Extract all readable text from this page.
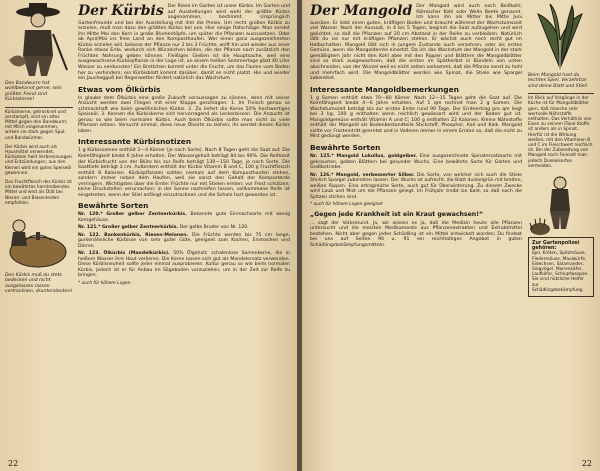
Den Bandwurm hat wohlbekannt gerne, sein größter Feind sind Kürbiskerne!

Kürbiskerne, getrocknet und zerstampft, sind ein altes Mittel gegen den Bandwurm; mit Milch eingenommen, wirken sie stark gegen Spul- und Bandwürmer.

Der Kürbis wird auch als Hausmittel verwendet, Kürbisbrei heilt Verbrennungen und Entzündungen; aus den Kernen wird ein gutes Speiseöl gewonnen.

Das Fruchtfleisch des Kürbis ist ein bewährtes harntreibendes Mittel und wird als Diät bei Nieren- und Blasenleiden empfohlen.

Den Kürbis muß du stets bedecken und nicht ausgelassen lassen vertrocknen, drunterstecken!

Der Kürbis Der Riese im Garten ist unser Kürbis. Im Garten und auf Ausstellungen wird wohl der größte Kürbis angenommen, bestimmt. Ursprünglich Gartenfreunde und bei der Ausstellung mit ihm die Preise. Um recht großen Kürbis zu erzielen, muß man dazu den größten Kürbis bei uns. Hier einige Ratschläge: Man sendet ihn Mitte Mai den Kern in große Blumentöpfe, um später die Pflanzen auszusetzen. Oder ab April/Mai ins freie Land an den Komposthaufen. Wer einen ganz ausgezeichneten Kürbis erzielen will, belasse der Pflanze nur 2 bis 3 Früchte, wirft hin und wieder aus einer Ranke etwas Erde, wodurch sich Würzelchen bilden, die der Pflanze noch zusätzlich den Früchten Nahrung geben können. Fleißiges Gießen ist die Hauptsache, weil eine ausgewachsene Kürbispflanze in der Lage ist, an einem heißen Sommertage glatt 40 Liter Wasser zu verdunsten! Ein Brettchen kommt unter die Frucht, um das Faulen vom Boden her zu verhindern; ein Kürbisblatt kommt darüber, damit es nicht platzt. Hin und wieder ein Jauchegguß bei Regenwetter fördert natürlich das Wachstum.

Etwas vom Ölkürbis

In glaube dem Ölkürbis eine große Zukunft voraussagen zu können, denn mit seiner Anzucht werden zwei Fliegen mit einer Klappe geschlagen: 1. Im Fleisch genau so schmackhaft wie beim gewöhnlichen Kürbis. 2. Zu liefert die Kerne 50% hochwertiges Speiseöl. 3. Kennen die Kürbiskerne sich hervorragend als Leckerbissen. Die Anzucht ist genau so wie beim normalen Kürbis. Auch beim Ölkürbis sollte man nicht zu viele Pflanzen setzen. Versucht einmal, diese neue Ölsorte zu ziehen; ihr werdet diesen Kürbis loben.

Interessante Kürbisnotizen

1 g Kürbissamen enthält 2—4 Körner (je nach Sorte). Nach 8 Tagen geht die Saat auf. Die Keimfähigkeit bleibt 6 Jahre erhalten. Der Wassergehalt beträgt 84 bis 90%. Die Reifezeit der Kürbisfrucht von der Blüte bis zur Reife beträgt 130—150 Tage, je nach Sorte. Die Saattiefe beträgt 3 cm. Außerdem enthält der Kürbis Vitamin B und C, 100 g Fruchtfleisch enthält 8 Kalorien. Kürbispflanzen sollten niemals auf dem Komposthaufen stehen, sondern immer neben dem Haufen, weil sie sonst den Gehalt der Komposterde verringern. Wichtigstes über die Ernte: Früchte nur mit Stielen ernten; vor Frost schützen; keine Druckstellen verursachen; in der Sonne nachreifen lassen, vollkommene Reife ist eingetreten, wenn der Stiel anfängt einzutrocknen und die Schale hart geworden ist.

Bewährte Sorten
Nr. 120.* Großer gelber Zentnerkürbis. Bekannte gute Einmachsorte mit wenig Kerngehäuse.
Nr. 121.* Großer gelber Zentnerkürbis. Der gelbe Bruder von Nr. 120.
Nr. 122. Bankenkürbis, Riesen-Melonen. Die Früchte werden bis 75 cm lange, gurkenähnliche Kürbisse von sehr guter Güte, geeignet zum Kochen, Einmachen und Dörren.
Nr. 123. Ölkürbis (Mandelkürbis). 50% Ölgehalt; schalenlose Samenkerne, die in heißem Wasser ihre Haut verlieren. Die Kerne lassen sich gut als Mandelersatz verwenden. Diese Kürbisneuheit sollte jeder einmal ausprobieren. Kultur genau so wie beim normalen Kürbis, jedoch ist er für Anbau im Sägeboden vorzuziehen, um in der Zeit zur Reife zu bringen.
* auch für höhere Lagen.
22

Der Mangold Der Mangold wird auch noch Beißkohl, Römischer Kohl oder Welle Beete genannt. Ich kann ihn als Mitter bis Mitte Juni aussäen. Er liebt einen guten, kräftigen Boden und braucht während der Wachstumszeit viel Wasser. Nach der Aussaat, in 4 bis 5 Tagen, beginnt die Saat aufzugehen und wird gelichtet, so daß die Pflanzen auf 20 cm Abstand in der Reihe zu verbleiben. Natürlich läßt du sie nur mit kräftigen Pflanzen stehen. Er wächst auch noch recht gut im Halbschatten. Mangold läßt sich in jungem Zustande auch verzehren, oder als erstes Gemüse, wenn die Mangoldernte einsetzt. Da ich das Wachstum der Mangold in der stark gemäßigtem Jahr nicht den Kohl aber mit den Rippen und Blättern die Mangoldblätter sind so stark ausgewachsen, daß die ersten im Spätherbst in Bündeln von unten abschneiden, von der Wurzel weil es nicht selten vorkommt, daß die Pflanze sonst zu hohl und mehrfach wird. Die Mangoldblätter werden wie Spinat, die Stiele wie Spargel zubereitet.

Interessante Mangoldbemerkungen

1 g Samen enthält etwa 70—80 Körner. Nach 12—15 Tagen geht die Saat auf. Die Keimfähigkeit bleibt 4—6 Jahre erhalten. Auf 1 qm rechnet man 2 g Samen. Die Wachstumszeit beträgt bis zur ersten Ernte rund 90 Tage. Der Ernteertrag pro qm liegt bei 3 kg; 100 g enthalten wenn reichlich gewässert wird und der Boden gut ist. Mangoldgemüse enthält Vitamin A und C; 100 g enthalten 22 Kalorien. Kleine Nährstoffe enthält der Mangold als Bodenbestandteile Stickstoff, Phosphor, Kali und Kalk. Mangold sollte vor Frosteintritt geerntet und in Volleren immer in einem Ernten so, daß die nicht zu Mist gedüngt werden.

Bewährte Sorten
Nr. 125.* Mangold Lukullus, goldgelber. Eine ausgezeichnete Spinatersatzsorte mit gekrausten, gelben Blättern bei gesunder Wuchs. Eine bewährte Sorte für Garten und Großbetriebe.
Nr. 126.* Mangold, verbesserter Silber. Die Sorte, von welcher sich auch die Stiele ähnlich Spargel zubereiten lassen. Der Wuchs ist aufrecht, die Blatt dunkelgrün mit breiten, weißen Rippen. Eine ertragreiche Sorte, auch gut für Überwinterung. Zu diesem Zwecke wird Laub und Mist um die Pflanzen gelegt. Im Frühjahr treibt sie bald, so daß noch die Spitzen stichen sind.
* auch für höhere Lagen geeignet
„Gegen jede Krankheit ist ein Kraut gewachsen!“

... sagt der Volksmund. Ja, wir wissen es ja, daß die Medizin heute alle Pflanzen untersucht und die meisten Medikamente aus Pflanzenextrakten und Extraktmittel bestehen. Nicht aber gegen jedes Schädling ist ein Mittel entwickelt worden; Du findest bei uns auf Seiten 90 u. 91 ein reichhaltiges Angebot in guten Schädlingsbekämpfungsmitteln.

Beim Mangold hast du leichtes Spiel, Verzehrbar sind deine Blatt und Stiel!

Im Blick auf Vorgänge in der Küche ist für Mangoldblätter gern, daß manche sehr wertvolle Nährstoffe enthalten. Das Verhältnis von Eisen zu seinem Fäkal-Stoffe ist anders als in Spinat. Hierfür ist die Wirkung weißen, mit den Vitaminen B und C im Fleischwert reichlich ist. Bei der Zubereitung von Mangold noch Feinzelt man jedoch Dunkelsorten vermeiden.

Zur Gartenpolizei gehören:
Igel, Kröten, Spitzmäuse, Fledermäuse, Maulwürfe, Eidechsen, Salamander, Singvögel, Marienkäfer, Laufkäfer, Schlupfwespen. Sie sind nützliche Helfer zur Schädlingsbekämpfung.
22
